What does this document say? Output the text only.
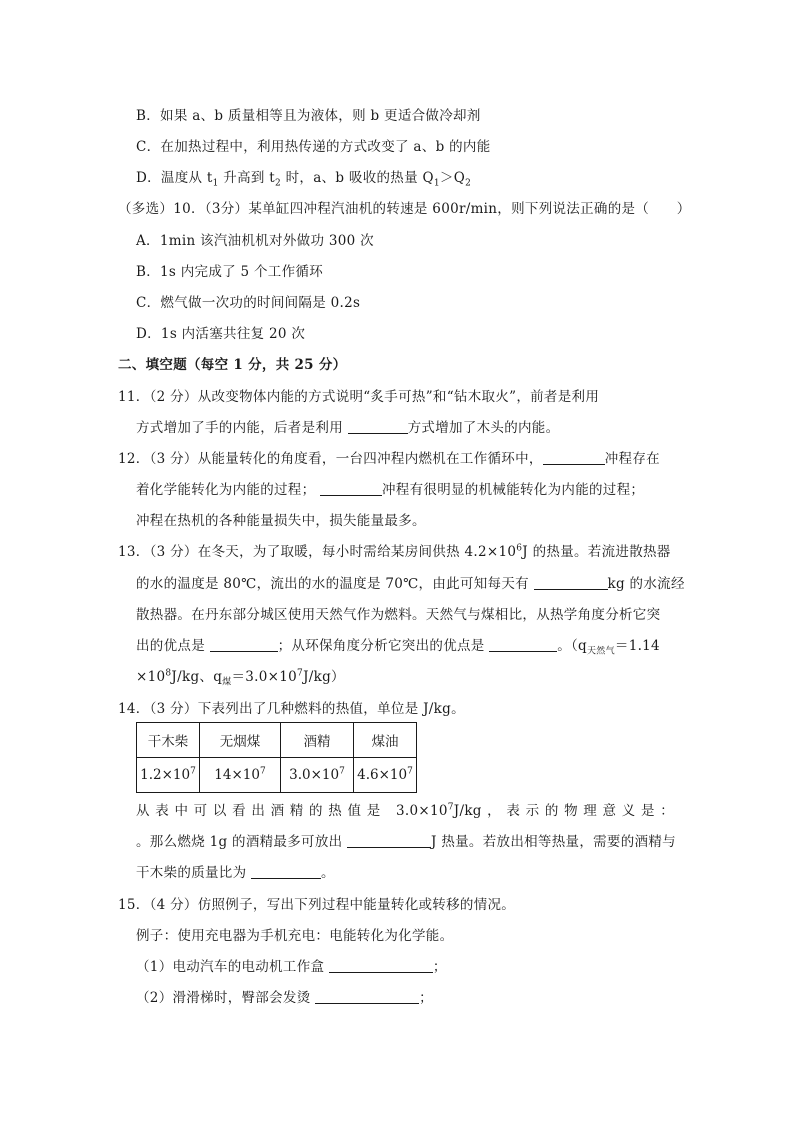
B．如果 a、b 质量相等且为液体，则 b 更适合做冷却剂
C．在加热过程中，利用热传递的方式改变了 a、b 的内能
D．温度从 $t_1$ 升高到 $t_2$ 时，a、b 吸收的热量 $Q_1>Q_2$
（多选）10．（3分）某单缸四冲程汽油机的转速是 600r/min，则下列说法正确的是（　　）
A．1min 该汽油机机对外做功 300 次
B．1s 内完成了 5 个工作循环
C．燃气做一次功的时间间隔是 0.2s
D．1s 内活塞共往复 20 次
二、填空题（每空 1 分，共 25 分）
11．（2 分）从改变物体内能的方式说明“炙手可热”和“钻木取火”，前者是利用
方式增加了手的内能，后者是利用	方式增加了木头的内能。
12．（3 分）从能量转化的角度看，一台四冲程内燃机在工作循环中，	冲程存在
着化学能转化为内能的过程；	冲程有很明显的机械能转化为内能的过程；
冲程在热机的各种能量损失中，损失能量最多。
13．（3 分）在冬天，为了取暖，每小时需给某房间供热 $4.2\times 10^6J$ 的热量。若流进散热器
的水的温度是 80℃，流出的水的温度是 70℃，由此可知每天有	kg 的水流经
散热器。在丹东部分城区使用天然气作为燃料。天然气与煤相比，从热学角度分析它突
出的优点是	；从环保角度分析它突出的优点是	。（$q_{天然气}=1.14$
$\times 10^8J/kg$、$q_煤=3.0\times 10^7J/kg$）
14．（3 分）下表列出了几种燃料的热值，单位是 J/kg。
干木柴	无烟煤	酒精	煤油
$1.2\times 10^7$	$14\times 10^7$	$3.0\times 10^7$	$4.6\times 10^7$
从表中可以看出酒精的热值是 $3.0\times 10^7J/kg$，表示的物理意义是：
。那么燃烧 1g 的酒精最多可放出	J 热量。若放出相等热量，需要的酒精与
干木柴的质量比为	。
15．（4 分）仿照例子，写出下列过程中能量转化或转移的情况。
例子：使用充电器为手机充电：电能转化为化学能。
（1）电动汽车的电动机工作盒	；
（2）滑滑梯时，臀部会发烫	；
